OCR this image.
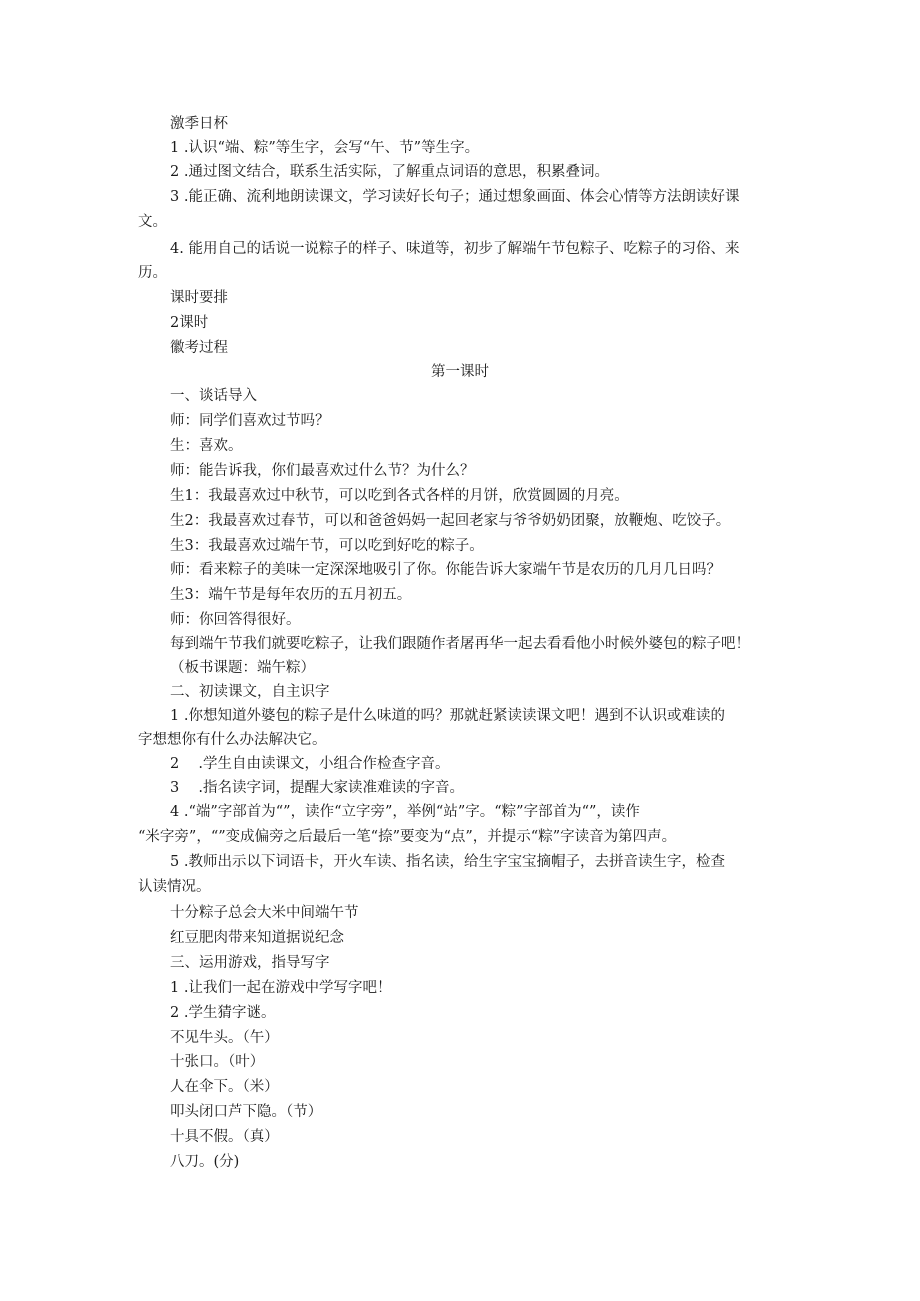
激季日杯
1 .认识“端、粽”等生字，会写“午、节”等生字。
2 .通过图文结合，联系生活实际，了解重点词语的意思，积累叠词。
3 .能正确、流利地朗读课文，学习读好长句子；通过想象画面、体会心情等方法朗读好课
文。
4. 能用自己的话说一说粽子的样子、味道等，初步了解端午节包粽子、吃粽子的习俗、来
历。
课时要排
2课时
徽考过程
第一课时
一、谈话导入
师：同学们喜欢过节吗？
生：喜欢。
师：能告诉我，你们最喜欢过什么节？为什么？
生1：我最喜欢过中秋节，可以吃到各式各样的月饼，欣赏圆圆的月亮。
生2：我最喜欢过春节，可以和爸爸妈妈一起回老家与爷爷奶奶团聚，放鞭炮、吃饺子。
生3：我最喜欢过端午节，可以吃到好吃的粽子。
师：看来粽子的美味一定深深地吸引了你。你能告诉大家端午节是农历的几月几日吗？
生3：端午节是每年农历的五月初五。
师：你回答得很好。
每到端午节我们就要吃粽子，让我们跟随作者屠再华一起去看看他小时候外婆包的粽子吧！
（板书课题：端午粽）
二、初读课文，自主识字
1 .你想知道外婆包的粽子是什么味道的吗？那就赶紧读读课文吧！遇到不认识或难读的
字想想你有什么办法解决它。
2　 .学生自由读课文，小组合作检查字音。
3　 .指名读字词，提醒大家读准难读的字音。
4 .“端”字部首为“”，读作“立字旁”，举例“站”字。“粽”字部首为“”，读作
“米字旁”，“”变成偏旁之后最后一笔“捺”要变为“点”，并提示“粽”字读音为第四声。
5 .教师出示以下词语卡，开火车读、指名读，给生字宝宝摘帽子，去拼音读生字，检查
认读情况。
十分粽子总会大米中间端午节
红豆肥肉带来知道据说纪念
三、运用游戏，指导写字
1 .让我们一起在游戏中学写字吧！
2 .学生猜字谜。
不见牛头。（午）
十张口。（叶）
人在伞下。（米）
叩头闭口芦下隐。（节）
十具不假。（真）
八刀。(分)
